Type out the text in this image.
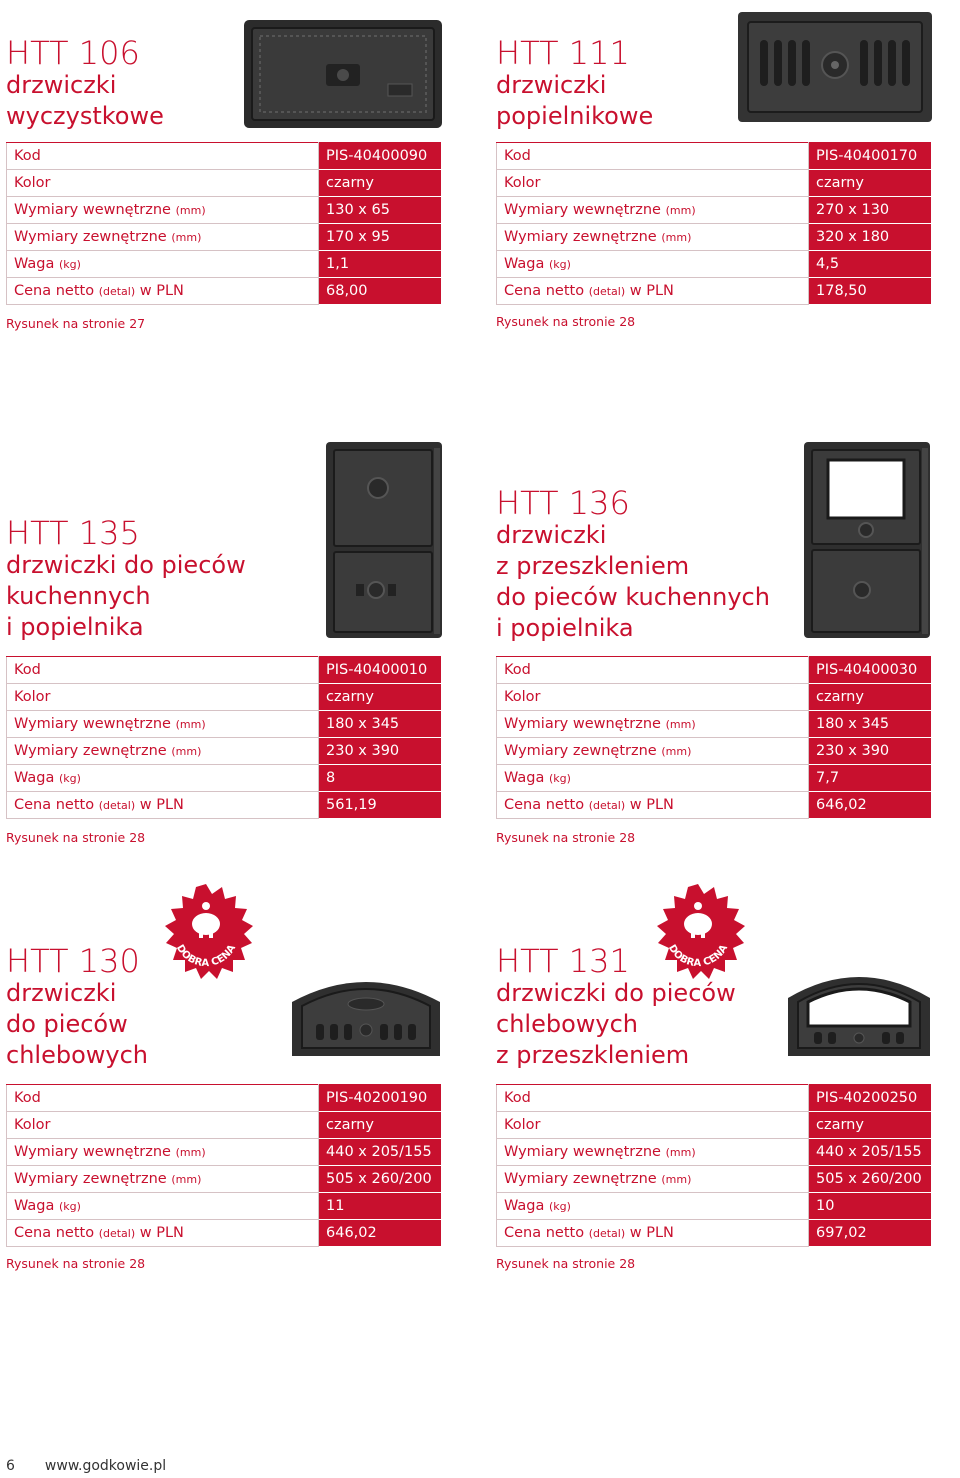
HTT 106
drzwiczki
wyczystkowe
Kod	PIS-40400090
Kolor	czarny
Wymiary wewnętrzne (mm)	130 x 65
Wymiary zewnętrzne (mm)	170 x 95
Waga (kg)	1,1
Cena netto (detal) w PLN	68,00
Rysunek na stronie 27
HTT 111
drzwiczki
popielnikowe
Kod	PIS-40400170
Kolor	czarny
Wymiary wewnętrzne (mm)	270 x 130
Wymiary zewnętrzne (mm)	320 x 180
Waga (kg)	4,5
Cena netto (detal) w PLN	178,50
Rysunek na stronie 28
HTT 135
drzwiczki do pieców
kuchennych
i popielnika
Kod	PIS-40400010
Kolor	czarny
Wymiary wewnętrzne (mm)	180 x 345
Wymiary zewnętrzne (mm)	230 x 390
Waga (kg)	8
Cena netto (detal) w PLN	561,19
Rysunek na stronie 28
HTT 136
drzwiczki
z przeszkleniem
do pieców kuchennych
i popielnika
Kod	PIS-40400030
Kolor	czarny
Wymiary wewnętrzne (mm)	180 x 345
Wymiary zewnętrzne (mm)	230 x 390
Waga (kg)	7,7
Cena netto (detal) w PLN	646,02
Rysunek na stronie 28
DOBRA CENA
HTT 130
drzwiczki
do pieców
chlebowych
Kod	PIS-40200190
Kolor	czarny
Wymiary wewnętrzne (mm)	440 x 205/155
Wymiary zewnętrzne (mm)	505 x 260/200
Waga (kg)	11
Cena netto (detal) w PLN	646,02
Rysunek na stronie 28
DOBRA CENA
HTT 131
drzwiczki do pieców
chlebowych
z przeszkleniem
Kod	PIS-40200250
Kolor	czarny
Wymiary wewnętrzne (mm)	440 x 205/155
Wymiary zewnętrzne (mm)	505 x 260/200
Waga (kg)	10
Cena netto (detal) w PLN	697,02
Rysunek na stronie 28
6 www.godkowie.pl
